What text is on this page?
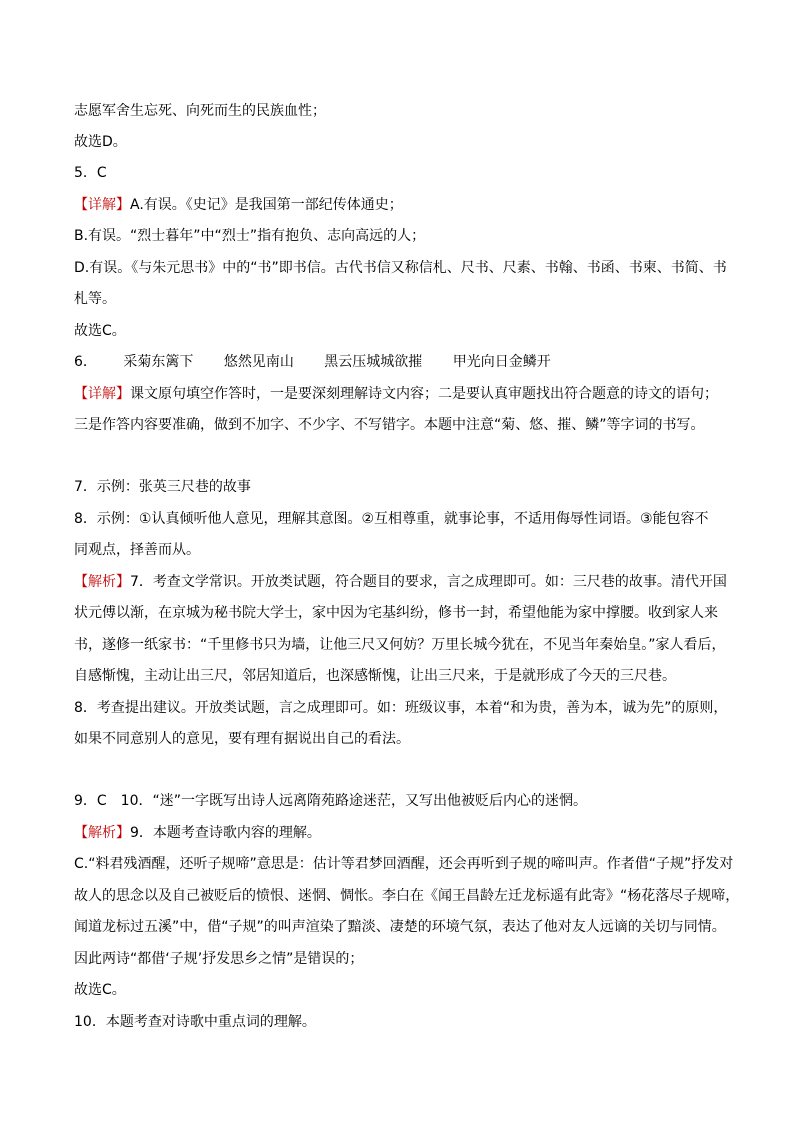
志愿军舍生忘死、向死而生的民族血性；
故选D。
5．C
【详解】A.有误。《史记》是我国第一部纪传体通史；
B.有误。“烈士暮年”中“烈士”指有抱负、志向高远的人；
D.有误。《与朱元思书》中的“书”即书信。古代书信又称信札、尺书、尺素、书翰、书函、书柬、书简、书
札等。
故选C。
6． 采菊东篱下 悠然见南山 黑云压城城欲摧 甲光向日金鳞开
【详解】课文原句填空作答时，一是要深刻理解诗文内容；二是要认真审题找出符合题意的诗文的语句；
三是作答内容要准确，做到不加字、不少字、不写错字。本题中注意“菊、悠、摧、鳞”等字词的书写。
7．示例：张英三尺巷的故事
8．示例：①认真倾听他人意见，理解其意图。②互相尊重，就事论事，不适用侮辱性词语。③能包容不
同观点，择善而从。
【解析】7．考查文学常识。开放类试题，符合题目的要求，言之成理即可。如：三尺巷的故事。清代开国
状元傅以渐，在京城为秘书院大学士，家中因为宅基纠纷，修书一封，希望他能为家中撑腰。收到家人来
书，遂修一纸家书：“千里修书只为墙，让他三尺又何妨？万里长城今犹在，不见当年秦始皇。”家人看后，
自感惭愧，主动让出三尺，邻居知道后，也深感惭愧，让出三尺来，于是就形成了今天的三尺巷。
8．考查提出建议。开放类试题，言之成理即可。如：班级议事，本着“和为贵，善为本，诚为先”的原则，
如果不同意别人的意见，要有理有据说出自己的看法。
9．C　10．“迷”一字既写出诗人远离隋苑路途迷茫，又写出他被贬后内心的迷惘。
【解析】9．本题考查诗歌内容的理解。
C.“料君残酒醒，还听子规啼”意思是：估计等君梦回酒醒，还会再听到子规的啼叫声。作者借“子规”抒发对
故人的思念以及自己被贬后的愤恨、迷惘、惆怅。李白在《闻王昌龄左迁龙标遥有此寄》“杨花落尽子规啼，
闻道龙标过五溪”中，借“子规”的叫声渲染了黯淡、凄楚的环境气氛，表达了他对友人远谪的关切与同情。
因此两诗“都借‘子规’抒发思乡之情”是错误的；
故选C。
10．本题考查对诗歌中重点词的理解。
